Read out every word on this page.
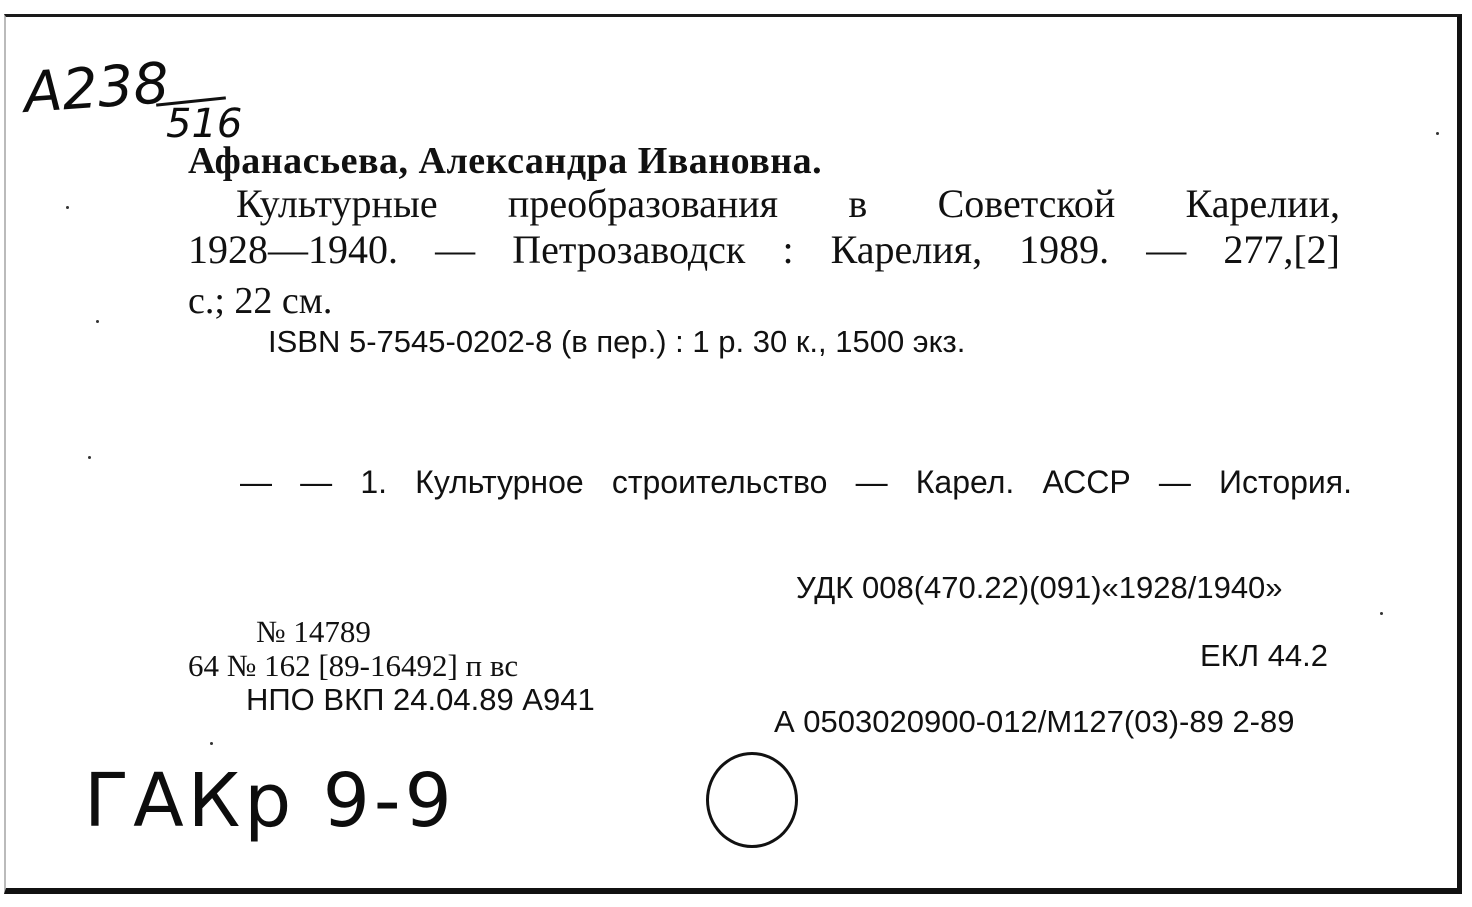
А238
516
Афанасьева, Александра Ивановна.
Культурные преобразования в Советской Карелии,
1928—1940. — Петрозаводск : Карелия, 1989. — 277,[2]
с.; 22 см.
ISBN 5-7545-0202-8 (в пер.) : 1 р. 30 к., 1500 экз.
— — 1. Культурное строительство — Карел. АССР — История.
УДК 008(470.22)(091)«1928/1940»
ЕКЛ 44.2
А 0503020900-012/М127(03)-89 2-89
№ 14789
64 № 162 [89-16492] п вс
НПО ВКП 24.04.89 А941
ГАКр 9-9
